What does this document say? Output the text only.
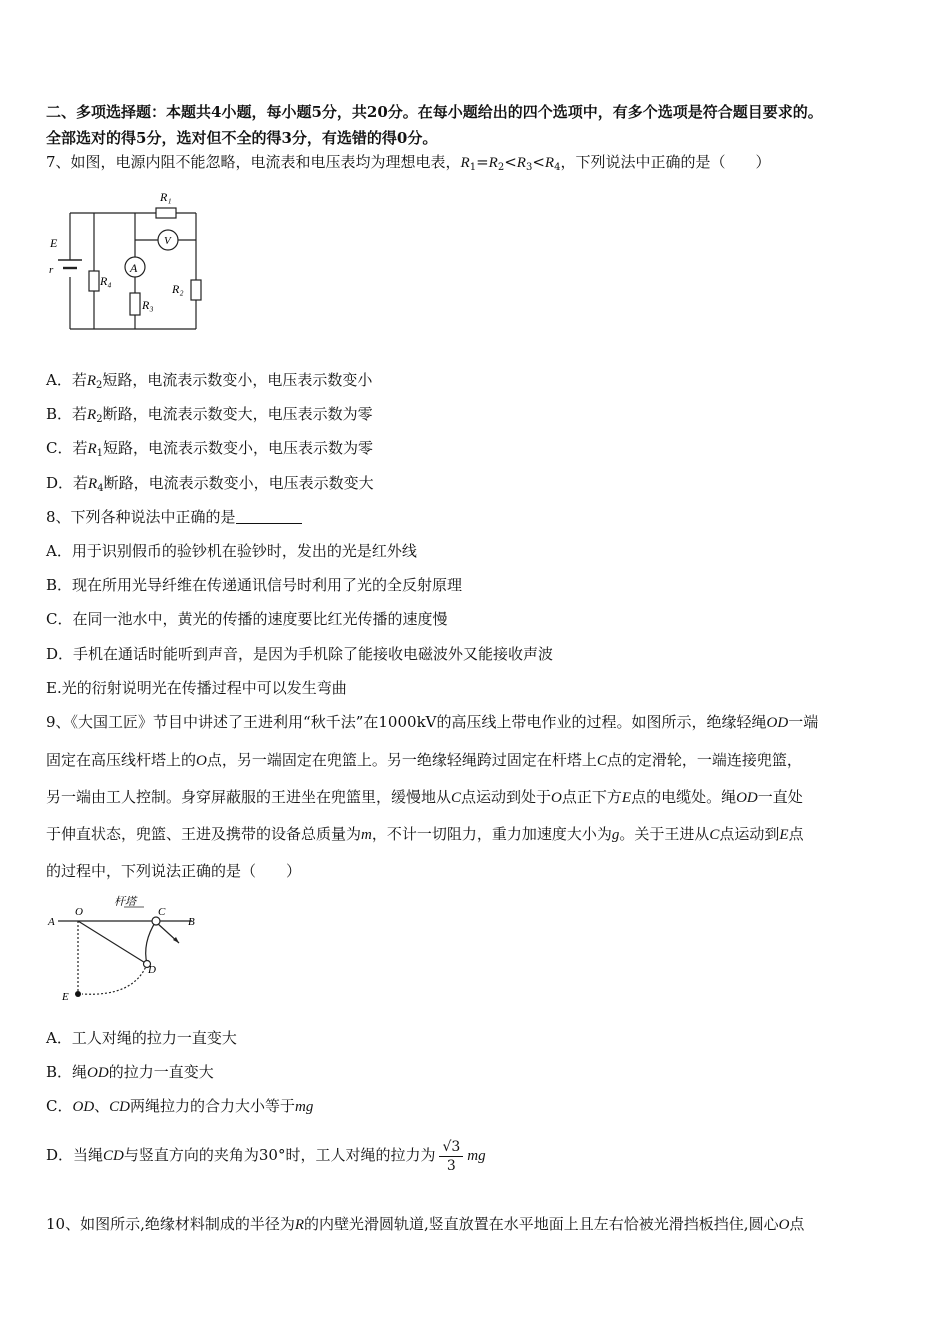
二、多项选择题：本题共4小题，每小题5分，共20分。在每小题给出的四个选项中，有多个选项是符合题目要求的。
全部选对的得5分，选对但不全的得3分，有选错的得0分。
7、如图，电源内阻不能忽略，电流表和电压表均为理想电表，$R_1=R_2<R_3<R_4$，下列说法中正确的是（　　）
R₁
E
r
R₄
A
V
R₃
R₂
A．若$R_2$短路，电流表示数变小，电压表示数变小
B．若$R_2$断路，电流表示数变大，电压表示数为零
C．若$R_1$短路，电流表示数变小，电压表示数为零
D．若$R_4$断路，电流表示数变小，电压表示数变大
8、下列各种说法中正确的是
A．用于识别假币的验钞机在验钞时，发出的光是红外线
B．现在所用光导纤维在传递通讯信号时利用了光的全反射原理
C．在同一池水中，黄光的传播的速度要比红光传播的速度慢
D．手机在通话时能听到声音，是因为手机除了能接收电磁波外又能接收声波
E.光的衍射说明光在传播过程中可以发生弯曲
9、《大国工匠》节目中讲述了王进利用“秋千法”在1000kV的高压线上带电作业的过程。如图所示，绝缘轻绳OD一端
固定在高压线杆塔上的O点，另一端固定在兜篮上。另一绝缘轻绳跨过固定在杆塔上C点的定滑轮，一端连接兜篮，
另一端由工人控制。身穿屏蔽服的王进坐在兜篮里，缓慢地从C点运动到处于O点正下方E点的电缆处。绳OD一直处
于伸直状态，兜篮、王进及携带的设备总质量为m，不计一切阻力，重力加速度大小为g。关于王进从C点运动到E点
的过程中，下列说法正确的是（　　）
杆塔
A
O	C
B
D
E
A．工人对绳的拉力一直变大
B．绳OD的拉力一直变大
C．OD、CD两绳拉力的合力大小等于mg
D．当绳CD与竖直方向的夹角为30°时，工人对绳的拉力为 $\frac{√3}{3}$ mg
10、如图所示,绝缘材料制成的半径为R的内壁光滑圆轨道,竖直放置在水平地面上且左右恰被光滑挡板挡住,圆心O点
